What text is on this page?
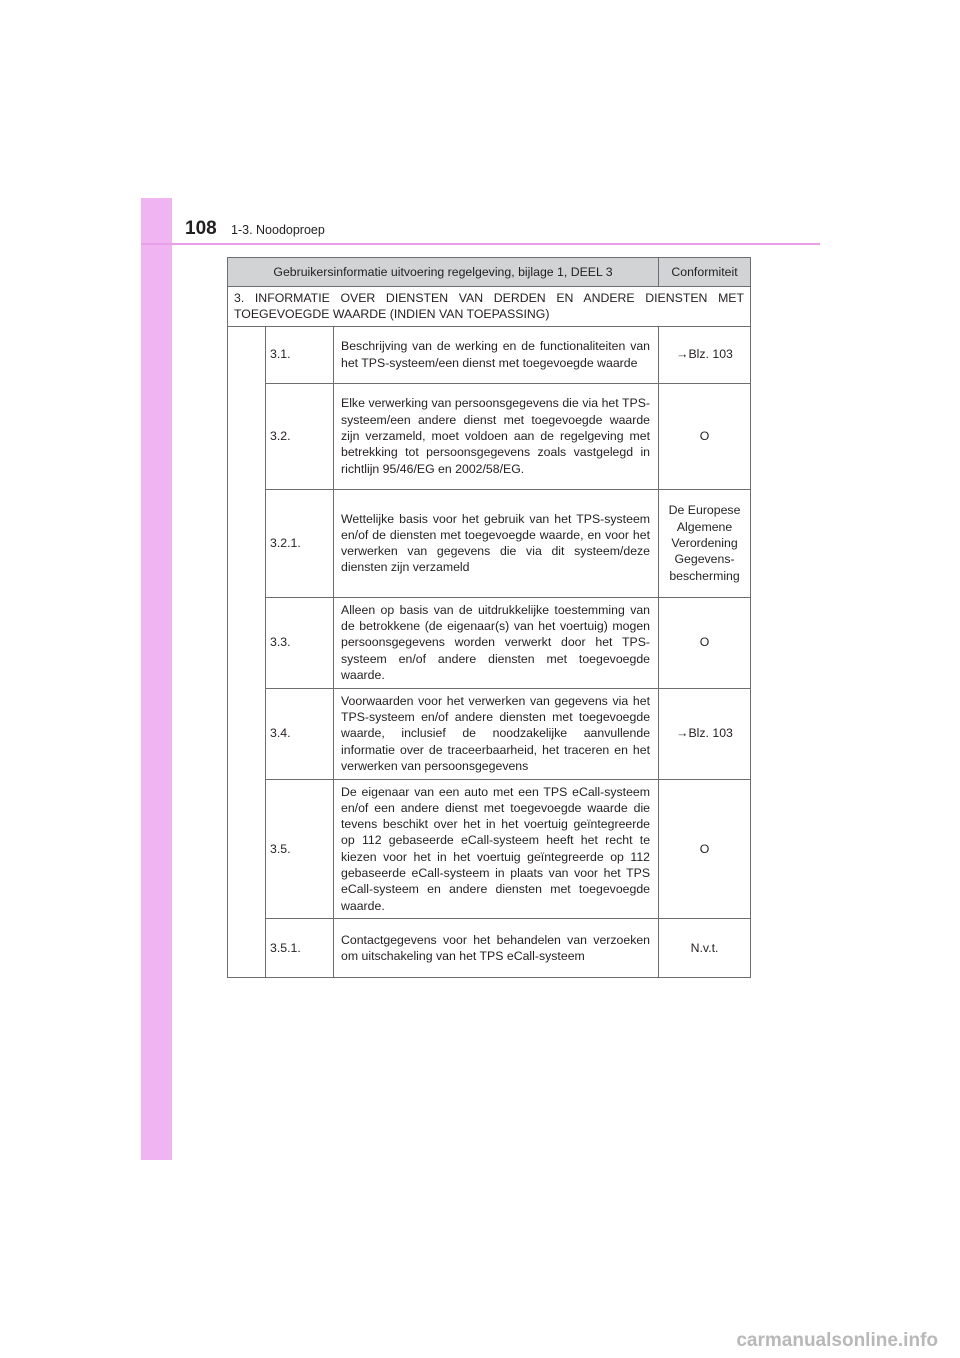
108 1-3. Noodoproep
Gebruikersinformatie uitvoering regelgeving, bijlage 1, DEEL 3			Conformiteit
3. INFORMATIE OVER DIENSTEN VAN DERDEN EN ANDERE DIENSTEN MET TOEGEVOEGDE WAARDE (INDIEN VAN TOEPASSING)			
	3.1.	Beschrijving van de werking en de functionaliteiten van het TPS-systeem/een dienst met toegevoegde waarde	→Blz. 103
	3.2.	Elke verwerking van persoonsgegevens die via het TPS-systeem/een andere dienst met toegevoegde waarde zijn verzameld, moet voldoen aan de regelgeving met betrekking tot persoonsgegevens zoals vastgelegd in richtlijn 95/46/EG en 2002/58/EG.	O
	3.2.1.	Wettelijke basis voor het gebruik van het TPS-systeem en/of de diensten met toegevoegde waarde, en voor het verwerken van gegevens die via dit systeem/deze diensten zijn verzameld	De Europese Algemene Verordening Gegevens-bescherming
	3.3.	Alleen op basis van de uitdrukkelijke toestemming van de betrokkene (de eigenaar(s) van het voertuig) mogen persoonsgegevens worden verwerkt door het TPS-systeem en/of andere diensten met toegevoegde waarde.	O
	3.4.	Voorwaarden voor het verwerken van gegevens via het TPS-systeem en/of andere diensten met toegevoegde waarde, inclusief de noodzakelijke aanvullende informatie over de traceerbaarheid, het traceren en het verwerken van persoonsgegevens	→Blz. 103
	3.5.	De eigenaar van een auto met een TPS eCall-systeem en/of een andere dienst met toegevoegde waarde die tevens beschikt over het in het voertuig geïntegreerde op 112 gebaseerde eCall-systeem heeft het recht te kiezen voor het in het voertuig geïntegreerde op 112 gebaseerde eCall-systeem in plaats van voor het TPS eCall-systeem en andere diensten met toegevoegde waarde.	O
	3.5.1.	Contactgegevens voor het behandelen van verzoeken om uitschakeling van het TPS eCall-systeem	N.v.t.
carmanualsonline.info
